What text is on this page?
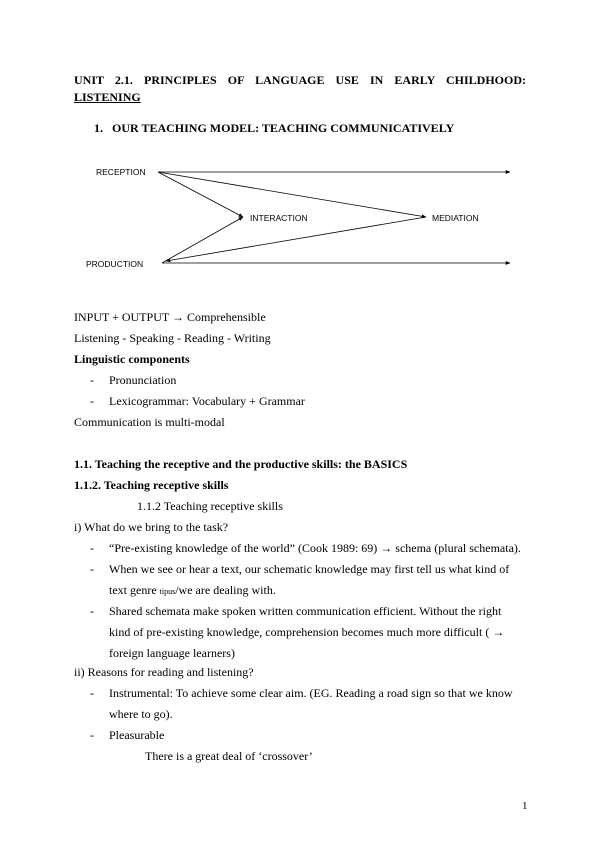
UNIT 2.1. PRINCIPLES OF LANGUAGE USE IN EARLY CHILDHOOD:
LISTENING
1. OUR TEACHING MODEL: TEACHING COMMUNICATIVELY
RECEPTION
PRODUCTION
INTERACTION	MEDIATION
INPUT + OUTPUT → Comprehensible
Listening - Speaking - Reading - Writing
Linguistic components
- Pronunciation
- Lexicogrammar: Vocabulary + Grammar
Communication is multi-modal
1.1. Teaching the receptive and the productive skills: the BASICS
1.1.2. Teaching receptive skills
1.1.2 Teaching receptive skills
i) What do we bring to the task?
- “Pre-existing knowledge of the world” (Cook 1989: 69) → schema (plural schemata).
- When we see or hear a text, our schematic knowledge may first tell us what kind of
text genre tipus/we are dealing with.
- Shared schemata make spoken written communication efficient. Without the right
kind of pre-existing knowledge, comprehension becomes much more difficult ( →
foreign language learners)
ii) Reasons for reading and listening?
- Instrumental: To achieve some clear aim. (EG. Reading a road sign so that we know
where to go).
- Pleasurable
There is a great deal of ‘crossover’
1
